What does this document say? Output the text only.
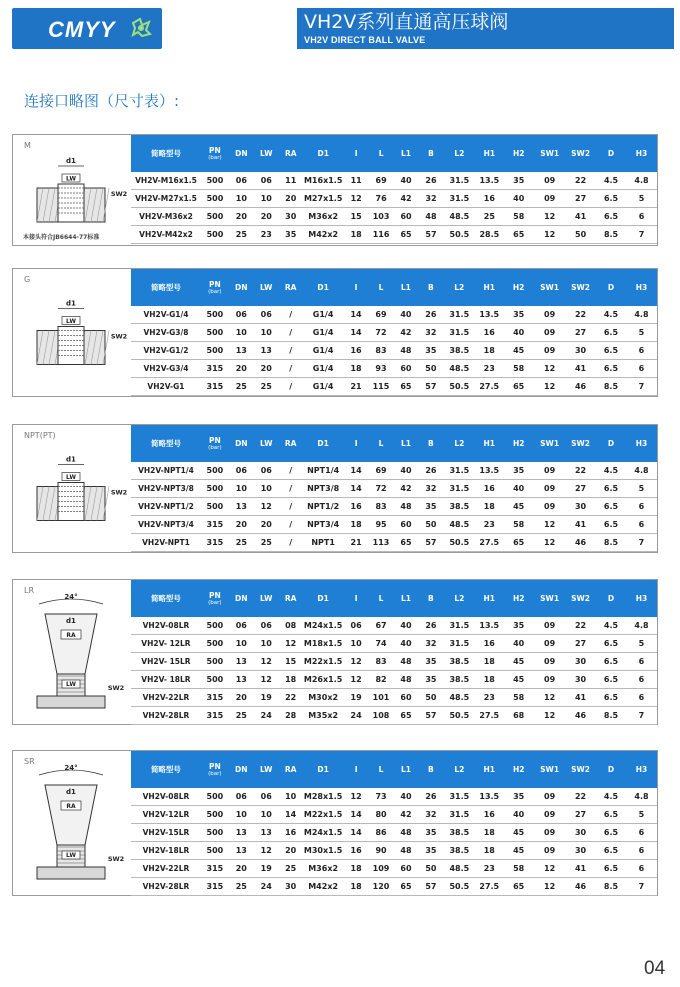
CMYY	VH2V系列直通高压球阀
VH2V DIRECT BALL VALVE
连接口略图（尺寸表）:
d1
LW
SW2
M
本接头符合JB6644-77标准
简略型号	PN
(bar)	DN	LW	RA	D1	I	L	L1	B	L2	H1	H2	SW1	SW2	D	H3
VH2V-M16x1.5	500	06	06	11	M16x1.5	11	69	40	26	31.5	13.5	35	09	22	4.5	4.8
VH2V-M27x1.5	500	10	10	20	M27x1.5	12	76	42	32	31.5	16	40	09	27	6.5	5
VH2V-M36x2	500	20	20	30	M36x2	15	103	60	48	48.5	25	58	12	41	6.5	6
VH2V-M42x2	500	25	23	35	M42x2	18	116	65	57	50.5	28.5	65	12	50	8.5	7
d1
LW
SW2
G
简略型号	PN
(bar)	DN	LW	RA	D1	I	L	L1	B	L2	H1	H2	SW1	SW2	D	H3
VH2V-G1/4	500	06	06	/	G1/4	14	69	40	26	31.5	13.5	35	09	22	4.5	4.8
VH2V-G3/8	500	10	10	/	G1/4	14	72	42	32	31.5	16	40	09	27	6.5	5
VH2V-G1/2	500	13	13	/	G1/4	16	83	48	35	38.5	18	45	09	30	6.5	6
VH2V-G3/4	315	20	20	/	G1/4	18	93	60	50	48.5	23	58	12	41	6.5	6
VH2V-G1	315	25	25	/	G1/4	21	115	65	57	50.5	27.5	65	12	46	8.5	7
d1
LW
SW2
NPT(PT)
简略型号	PN
(bar)	DN	LW	RA	D1	I	L	L1	B	L2	H1	H2	SW1	SW2	D	H3
VH2V-NPT1/4	500	06	06	/	NPT1/4	14	69	40	26	31.5	13.5	35	09	22	4.5	4.8
VH2V-NPT3/8	500	10	10	/	NPT3/8	14	72	42	32	31.5	16	40	09	27	6.5	5
VH2V-NPT1/2	500	13	12	/	NPT1/2	16	83	48	35	38.5	18	45	09	30	6.5	6
VH2V-NPT3/4	315	20	20	/	NPT3/4	18	95	60	50	48.5	23	58	12	41	6.5	6
VH2V-NPT1	315	25	25	/	NPT1	21	113	65	57	50.5	27.5	65	12	46	8.5	7
24°
d1
RA
LW	SW2
LR
简略型号	PN
(bar)	DN	LW	RA	D1	I	L	L1	B	L2	H1	H2	SW1	SW2	D	H3
VH2V-08LR	500	06	06	08	M24x1.5	06	67	40	26	31.5	13.5	35	09	22	4.5	4.8
VH2V- 12LR	500	10	10	12	M18x1.5	10	74	40	32	31.5	16	40	09	27	6.5	5
VH2V- 15LR	500	13	12	15	M22x1.5	12	83	48	35	38.5	18	45	09	30	6.5	6
VH2V- 18LR	500	13	12	18	M26x1.5	12	82	48	35	38.5	18	45	09	30	6.5	6
VH2V-22LR	315	20	19	22	M30x2	19	101	60	50	48.5	23	58	12	41	6.5	6
VH2V-28LR	315	25	24	28	M35x2	24	108	65	57	50.5	27.5	68	12	46	8.5	7
24°
d1
RA
LW	SW2
SR
简略型号	PN
(bar)	DN	LW	RA	D1	I	L	L1	B	L2	H1	H2	SW1	SW2	D	H3
VH2V-08LR	500	06	06	10	M28x1.5	12	73	40	26	31.5	13.5	35	09	22	4.5	4.8
VH2V-12LR	500	10	10	14	M22x1.5	14	80	42	32	31.5	16	40	09	27	6.5	5
VH2V-15LR	500	13	13	16	M24x1.5	14	86	48	35	38.5	18	45	09	30	6.5	6
VH2V-18LR	500	13	12	20	M30x1.5	16	90	48	35	38.5	18	45	09	30	6.5	6
VH2V-22LR	315	20	19	25	M36x2	18	109	60	50	48.5	23	58	12	41	6.5	6
VH2V-28LR	315	25	24	30	M42x2	18	120	65	57	50.5	27.5	65	12	46	8.5	7
04
